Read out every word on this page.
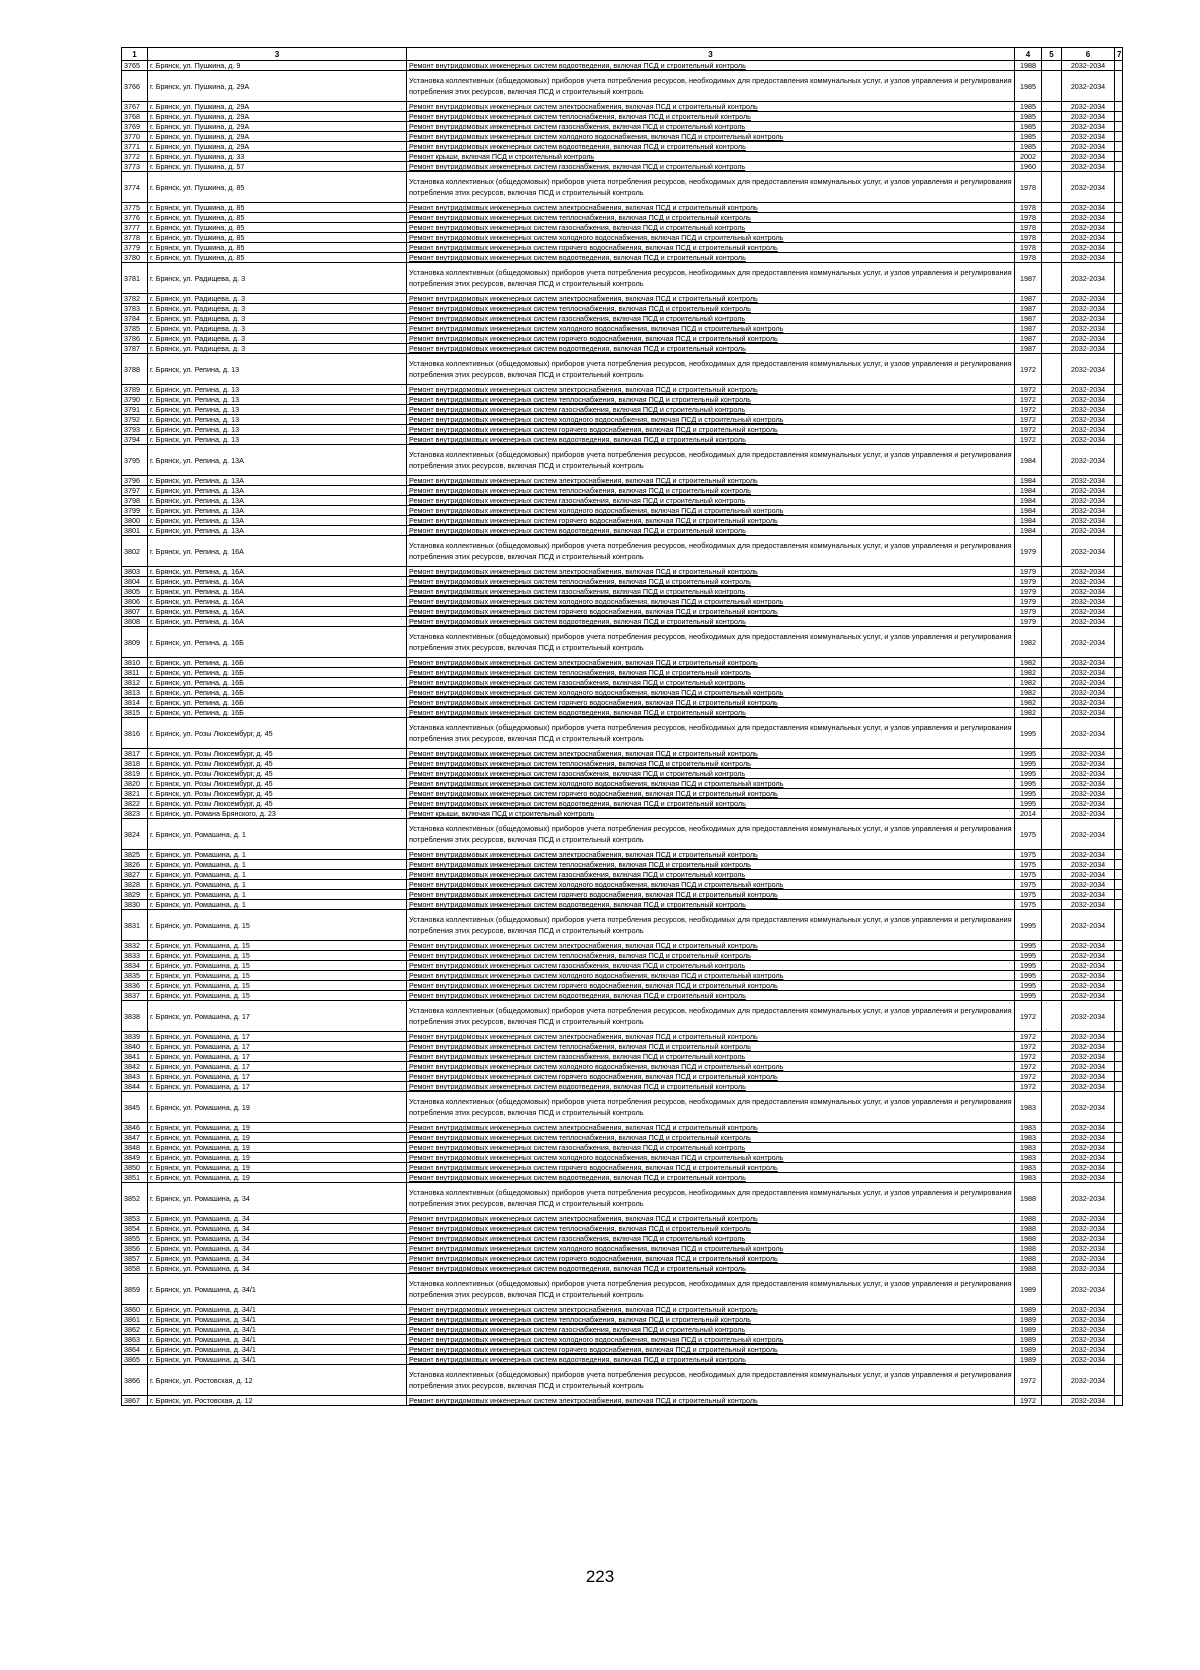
1	3	3	4	5	6	7
3765	г. Брянск, ул. Пушкина, д. 9	Ремонт внутридомовых инженерных систем водоотведения, включая ПСД и строительный контроль	1988		2032-2034	
3766	г. Брянск, ул. Пушкина, д. 29А	Установка коллективных (общедомовых) приборов учета потребления ресурсов, необходимых для предоставления коммунальных услуг, и узлов управления и регулирования потребления этих ресурсов, включая ПСД и строительный контроль	1985		2032-2034	
3767	г. Брянск, ул. Пушкина, д. 29А	Ремонт внутридомовых инженерных систем электроснабжения, включая ПСД и строительный контроль	1985		2032-2034	
3768	г. Брянск, ул. Пушкина, д. 29А	Ремонт внутридомовых инженерных систем теплоснабжения, включая ПСД и строительный контроль	1985		2032-2034	
3769	г. Брянск, ул. Пушкина, д. 29А	Ремонт внутридомовых инженерных систем газоснабжения, включая ПСД и строительный контроль	1985		2032-2034	
3770	г. Брянск, ул. Пушкина, д. 29А	Ремонт внутридомовых инженерных систем холодного водоснабжения, включая ПСД и строительный контроль	1985		2032-2034	
3771	г. Брянск, ул. Пушкина, д. 29А	Ремонт внутридомовых инженерных систем водоотведения, включая ПСД и строительный контроль	1985		2032-2034	
3772	г. Брянск, ул. Пушкина, д. 33	Ремонт крыши, включая ПСД и строительный контроль	2002		2032-2034	
3773	г. Брянск, ул. Пушкина, д. 57	Ремонт внутридомовых инженерных систем газоснабжения, включая ПСД и строительный контроль	1960		2032-2034	
3774	г. Брянск, ул. Пушкина, д. 85	Установка коллективных (общедомовых) приборов учета потребления ресурсов, необходимых для предоставления коммунальных услуг, и узлов управления и регулирования потребления этих ресурсов, включая ПСД и строительный контроль	1978		2032-2034	
3775	г. Брянск, ул. Пушкина, д. 85	Ремонт внутридомовых инженерных систем электроснабжения, включая ПСД и строительный контроль	1978		2032-2034	
3776	г. Брянск, ул. Пушкина, д. 85	Ремонт внутридомовых инженерных систем теплоснабжения, включая ПСД и строительный контроль	1978		2032-2034	
3777	г. Брянск, ул. Пушкина, д. 85	Ремонт внутридомовых инженерных систем газоснабжения, включая ПСД и строительный контроль	1978		2032-2034	
3778	г. Брянск, ул. Пушкина, д. 85	Ремонт внутридомовых инженерных систем холодного водоснабжения, включая ПСД и строительный контроль	1978		2032-2034	
3779	г. Брянск, ул. Пушкина, д. 85	Ремонт внутридомовых инженерных систем горячего водоснабжения, включая ПСД и строительный контроль	1978		2032-2034	
3780	г. Брянск, ул. Пушкина, д. 85	Ремонт внутридомовых инженерных систем водоотведения, включая ПСД и строительный контроль	1978		2032-2034	
3781	г. Брянск, ул. Радищева, д. 3	Установка коллективных (общедомовых) приборов учета потребления ресурсов, необходимых для предоставления коммунальных услуг, и узлов управления и регулирования потребления этих ресурсов, включая ПСД и строительный контроль	1987		2032-2034	
3782	г. Брянск, ул. Радищева, д. 3	Ремонт внутридомовых инженерных систем электроснабжения, включая ПСД и строительный контроль	1987		2032-2034	
3783	г. Брянск, ул. Радищева, д. 3	Ремонт внутридомовых инженерных систем теплоснабжения, включая ПСД и строительный контроль	1987		2032-2034	
3784	г. Брянск, ул. Радищева, д. 3	Ремонт внутридомовых инженерных систем газоснабжения, включая ПСД и строительный контроль	1987		2032-2034	
3785	г. Брянск, ул. Радищева, д. 3	Ремонт внутридомовых инженерных систем холодного водоснабжения, включая ПСД и строительный контроль	1987		2032-2034	
3786	г. Брянск, ул. Радищева, д. 3	Ремонт внутридомовых инженерных систем горячего водоснабжения, включая ПСД и строительный контроль	1987		2032-2034	
3787	г. Брянск, ул. Радищева, д. 3	Ремонт внутридомовых инженерных систем водоотведения, включая ПСД и строительный контроль	1987		2032-2034	
3788	г. Брянск, ул. Репина, д. 13	Установка коллективных (общедомовых) приборов учета потребления ресурсов, необходимых для предоставления коммунальных услуг, и узлов управления и регулирования потребления этих ресурсов, включая ПСД и строительный контроль	1972		2032-2034	
3789	г. Брянск, ул. Репина, д. 13	Ремонт внутридомовых инженерных систем электроснабжения, включая ПСД и строительный контроль	1972		2032-2034	
3790	г. Брянск, ул. Репина, д. 13	Ремонт внутридомовых инженерных систем теплоснабжения, включая ПСД и строительный контроль	1972		2032-2034	
3791	г. Брянск, ул. Репина, д. 13	Ремонт внутридомовых инженерных систем газоснабжения, включая ПСД и строительный контроль	1972		2032-2034	
3792	г. Брянск, ул. Репина, д. 13	Ремонт внутридомовых инженерных систем холодного водоснабжения, включая ПСД и строительный контроль	1972		2032-2034	
3793	г. Брянск, ул. Репина, д. 13	Ремонт внутридомовых инженерных систем горячего водоснабжения, включая ПСД и строительный контроль	1972		2032-2034	
3794	г. Брянск, ул. Репина, д. 13	Ремонт внутридомовых инженерных систем водоотведения, включая ПСД и строительный контроль	1972		2032-2034	
3795	г. Брянск, ул. Репина, д. 13А	Установка коллективных (общедомовых) приборов учета потребления ресурсов, необходимых для предоставления коммунальных услуг, и узлов управления и регулирования потребления этих ресурсов, включая ПСД и строительный контроль	1984		2032-2034	
3796	г. Брянск, ул. Репина, д. 13А	Ремонт внутридомовых инженерных систем электроснабжения, включая ПСД и строительный контроль	1984		2032-2034	
3797	г. Брянск, ул. Репина, д. 13А	Ремонт внутридомовых инженерных систем теплоснабжения, включая ПСД и строительный контроль	1984		2032-2034	
3798	г. Брянск, ул. Репина, д. 13А	Ремонт внутридомовых инженерных систем газоснабжения, включая ПСД и строительный контроль	1984		2032-2034	
3799	г. Брянск, ул. Репина, д. 13А	Ремонт внутридомовых инженерных систем холодного водоснабжения, включая ПСД и строительный контроль	1984		2032-2034	
3800	г. Брянск, ул. Репина, д. 13А	Ремонт внутридомовых инженерных систем горячего водоснабжения, включая ПСД и строительный контроль	1984		2032-2034	
3801	г. Брянск, ул. Репина, д. 13А	Ремонт внутридомовых инженерных систем водоотведения, включая ПСД и строительный контроль	1984		2032-2034	
3802	г. Брянск, ул. Репина, д. 16А	Установка коллективных (общедомовых) приборов учета потребления ресурсов, необходимых для предоставления коммунальных услуг, и узлов управления и регулирования потребления этих ресурсов, включая ПСД и строительный контроль	1979		2032-2034	
3803	г. Брянск, ул. Репина, д. 16А	Ремонт внутридомовых инженерных систем электроснабжения, включая ПСД и строительный контроль	1979		2032-2034	
3804	г. Брянск, ул. Репина, д. 16А	Ремонт внутридомовых инженерных систем теплоснабжения, включая ПСД и строительный контроль	1979		2032-2034	
3805	г. Брянск, ул. Репина, д. 16А	Ремонт внутридомовых инженерных систем газоснабжения, включая ПСД и строительный контроль	1979		2032-2034	
3806	г. Брянск, ул. Репина, д. 16А	Ремонт внутридомовых инженерных систем холодного водоснабжения, включая ПСД и строительный контроль	1979		2032-2034	
3807	г. Брянск, ул. Репина, д. 16А	Ремонт внутридомовых инженерных систем горячего водоснабжения, включая ПСД и строительный контроль	1979		2032-2034	
3808	г. Брянск, ул. Репина, д. 16А	Ремонт внутридомовых инженерных систем водоотведения, включая ПСД и строительный контроль	1979		2032-2034	
3809	г. Брянск, ул. Репина, д. 16Б	Установка коллективных (общедомовых) приборов учета потребления ресурсов, необходимых для предоставления коммунальных услуг, и узлов управления и регулирования потребления этих ресурсов, включая ПСД и строительный контроль	1982		2032-2034	
3810	г. Брянск, ул. Репина, д. 16Б	Ремонт внутридомовых инженерных систем электроснабжения, включая ПСД и строительный контроль	1982		2032-2034	
3811	г. Брянск, ул. Репина, д. 16Б	Ремонт внутридомовых инженерных систем теплоснабжения, включая ПСД и строительный контроль	1982		2032-2034	
3812	г. Брянск, ул. Репина, д. 16Б	Ремонт внутридомовых инженерных систем газоснабжения, включая ПСД и строительный контроль	1982		2032-2034	
3813	г. Брянск, ул. Репина, д. 16Б	Ремонт внутридомовых инженерных систем холодного водоснабжения, включая ПСД и строительный контроль	1982		2032-2034	
3814	г. Брянск, ул. Репина, д. 16Б	Ремонт внутридомовых инженерных систем горячего водоснабжения, включая ПСД и строительный контроль	1982		2032-2034	
3815	г. Брянск, ул. Репина, д. 16Б	Ремонт внутридомовых инженерных систем водоотведения, включая ПСД и строительный контроль	1982		2032-2034	
3816	г. Брянск, ул. Розы Люксембург, д. 45	Установка коллективных (общедомовых) приборов учета потребления ресурсов, необходимых для предоставления коммунальных услуг, и узлов управления и регулирования потребления этих ресурсов, включая ПСД и строительный контроль	1995		2032-2034	
3817	г. Брянск, ул. Розы Люксембург, д. 45	Ремонт внутридомовых инженерных систем электроснабжения, включая ПСД и строительный контроль	1995		2032-2034	
3818	г. Брянск, ул. Розы Люксембург, д. 45	Ремонт внутридомовых инженерных систем теплоснабжения, включая ПСД и строительный контроль	1995		2032-2034	
3819	г. Брянск, ул. Розы Люксембург, д. 45	Ремонт внутридомовых инженерных систем газоснабжения, включая ПСД и строительный контроль	1995		2032-2034	
3820	г. Брянск, ул. Розы Люксембург, д. 45	Ремонт внутридомовых инженерных систем холодного водоснабжения, включая ПСД и строительный контроль	1995		2032-2034	
3821	г. Брянск, ул. Розы Люксембург, д. 45	Ремонт внутридомовых инженерных систем горячего водоснабжения, включая ПСД и строительный контроль	1995		2032-2034	
3822	г. Брянск, ул. Розы Люксембург, д. 45	Ремонт внутридомовых инженерных систем водоотведения, включая ПСД и строительный контроль	1995		2032-2034	
3823	г. Брянск, ул. Романа Брянского, д. 23	Ремонт крыши, включая ПСД и строительный контроль	2014		2032-2034	
3824	г. Брянск, ул. Ромашина, д. 1	Установка коллективных (общедомовых) приборов учета потребления ресурсов, необходимых для предоставления коммунальных услуг, и узлов управления и регулирования потребления этих ресурсов, включая ПСД и строительный контроль	1975		2032-2034	
3825	г. Брянск, ул. Ромашина, д. 1	Ремонт внутридомовых инженерных систем электроснабжения, включая ПСД и строительный контроль	1975		2032-2034	
3826	г. Брянск, ул. Ромашина, д. 1	Ремонт внутридомовых инженерных систем теплоснабжения, включая ПСД и строительный контроль	1975		2032-2034	
3827	г. Брянск, ул. Ромашина, д. 1	Ремонт внутридомовых инженерных систем газоснабжения, включая ПСД и строительный контроль	1975		2032-2034	
3828	г. Брянск, ул. Ромашина, д. 1	Ремонт внутридомовых инженерных систем холодного водоснабжения, включая ПСД и строительный контроль	1975		2032-2034	
3829	г. Брянск, ул. Ромашина, д. 1	Ремонт внутридомовых инженерных систем горячего водоснабжения, включая ПСД и строительный контроль	1975		2032-2034	
3830	г. Брянск, ул. Ромашина, д. 1	Ремонт внутридомовых инженерных систем водоотведения, включая ПСД и строительный контроль	1975		2032-2034	
3831	г. Брянск, ул. Ромашина, д. 15	Установка коллективных (общедомовых) приборов учета потребления ресурсов, необходимых для предоставления коммунальных услуг, и узлов управления и регулирования потребления этих ресурсов, включая ПСД и строительный контроль	1995		2032-2034	
3832	г. Брянск, ул. Ромашина, д. 15	Ремонт внутридомовых инженерных систем электроснабжения, включая ПСД и строительный контроль	1995		2032-2034	
3833	г. Брянск, ул. Ромашина, д. 15	Ремонт внутридомовых инженерных систем теплоснабжения, включая ПСД и строительный контроль	1995		2032-2034	
3834	г. Брянск, ул. Ромашина, д. 15	Ремонт внутридомовых инженерных систем газоснабжения, включая ПСД и строительный контроль	1995		2032-2034	
3835	г. Брянск, ул. Ромашина, д. 15	Ремонт внутридомовых инженерных систем холодного водоснабжения, включая ПСД и строительный контроль	1995		2032-2034	
3836	г. Брянск, ул. Ромашина, д. 15	Ремонт внутридомовых инженерных систем горячего водоснабжения, включая ПСД и строительный контроль	1995		2032-2034	
3837	г. Брянск, ул. Ромашина, д. 15	Ремонт внутридомовых инженерных систем водоотведения, включая ПСД и строительный контроль	1995		2032-2034	
3838	г. Брянск, ул. Ромашина, д. 17	Установка коллективных (общедомовых) приборов учета потребления ресурсов, необходимых для предоставления коммунальных услуг, и узлов управления и регулирования потребления этих ресурсов, включая ПСД и строительный контроль	1972		2032-2034	
3839	г. Брянск, ул. Ромашина, д. 17	Ремонт внутридомовых инженерных систем электроснабжения, включая ПСД и строительный контроль	1972		2032-2034	
3840	г. Брянск, ул. Ромашина, д. 17	Ремонт внутридомовых инженерных систем теплоснабжения, включая ПСД и строительный контроль	1972		2032-2034	
3841	г. Брянск, ул. Ромашина, д. 17	Ремонт внутридомовых инженерных систем газоснабжения, включая ПСД и строительный контроль	1972		2032-2034	
3842	г. Брянск, ул. Ромашина, д. 17	Ремонт внутридомовых инженерных систем холодного водоснабжения, включая ПСД и строительный контроль	1972		2032-2034	
3843	г. Брянск, ул. Ромашина, д. 17	Ремонт внутридомовых инженерных систем горячего водоснабжения, включая ПСД и строительный контроль	1972		2032-2034	
3844	г. Брянск, ул. Ромашина, д. 17	Ремонт внутридомовых инженерных систем водоотведения, включая ПСД и строительный контроль	1972		2032-2034	
3845	г. Брянск, ул. Ромашина, д. 19	Установка коллективных (общедомовых) приборов учета потребления ресурсов, необходимых для предоставления коммунальных услуг, и узлов управления и регулирования потребления этих ресурсов, включая ПСД и строительный контроль	1983		2032-2034	
3846	г. Брянск, ул. Ромашина, д. 19	Ремонт внутридомовых инженерных систем электроснабжения, включая ПСД и строительный контроль	1983		2032-2034	
3847	г. Брянск, ул. Ромашина, д. 19	Ремонт внутридомовых инженерных систем теплоснабжения, включая ПСД и строительный контроль	1983		2032-2034	
3848	г. Брянск, ул. Ромашина, д. 19	Ремонт внутридомовых инженерных систем газоснабжения, включая ПСД и строительный контроль	1983		2032-2034	
3849	г. Брянск, ул. Ромашина, д. 19	Ремонт внутридомовых инженерных систем холодного водоснабжения, включая ПСД и строительный контроль	1983		2032-2034	
3850	г. Брянск, ул. Ромашина, д. 19	Ремонт внутридомовых инженерных систем горячего водоснабжения, включая ПСД и строительный контроль	1983		2032-2034	
3851	г. Брянск, ул. Ромашина, д. 19	Ремонт внутридомовых инженерных систем водоотведения, включая ПСД и строительный контроль	1983		2032-2034	
3852	г. Брянск, ул. Ромашина, д. 34	Установка коллективных (общедомовых) приборов учета потребления ресурсов, необходимых для предоставления коммунальных услуг, и узлов управления и регулирования потребления этих ресурсов, включая ПСД и строительный контроль	1988		2032-2034	
3853	г. Брянск, ул. Ромашина, д. 34	Ремонт внутридомовых инженерных систем электроснабжения, включая ПСД и строительный контроль	1988		2032-2034	
3854	г. Брянск, ул. Ромашина, д. 34	Ремонт внутридомовых инженерных систем теплоснабжения, включая ПСД и строительный контроль	1988		2032-2034	
3855	г. Брянск, ул. Ромашина, д. 34	Ремонт внутридомовых инженерных систем газоснабжения, включая ПСД и строительный контроль	1988		2032-2034	
3856	г. Брянск, ул. Ромашина, д. 34	Ремонт внутридомовых инженерных систем холодного водоснабжения, включая ПСД и строительный контроль	1988		2032-2034	
3857	г. Брянск, ул. Ромашина, д. 34	Ремонт внутридомовых инженерных систем горячего водоснабжения, включая ПСД и строительный контроль	1988		2032-2034	
3858	г. Брянск, ул. Ромашина, д. 34	Ремонт внутридомовых инженерных систем водоотведения, включая ПСД и строительный контроль	1988		2032-2034	
3859	г. Брянск, ул. Ромашина, д. 34/1	Установка коллективных (общедомовых) приборов учета потребления ресурсов, необходимых для предоставления коммунальных услуг, и узлов управления и регулирования потребления этих ресурсов, включая ПСД и строительный контроль	1989		2032-2034	
3860	г. Брянск, ул. Ромашина, д. 34/1	Ремонт внутридомовых инженерных систем электроснабжения, включая ПСД и строительный контроль	1989		2032-2034	
3861	г. Брянск, ул. Ромашина, д. 34/1	Ремонт внутридомовых инженерных систем теплоснабжения, включая ПСД и строительный контроль	1989		2032-2034	
3862	г. Брянск, ул. Ромашина, д. 34/1	Ремонт внутридомовых инженерных систем газоснабжения, включая ПСД и строительный контроль	1989		2032-2034	
3863	г. Брянск, ул. Ромашина, д. 34/1	Ремонт внутридомовых инженерных систем холодного водоснабжения, включая ПСД и строительный контроль	1989		2032-2034	
3864	г. Брянск, ул. Ромашина, д. 34/1	Ремонт внутридомовых инженерных систем горячего водоснабжения, включая ПСД и строительный контроль	1989		2032-2034	
3865	г. Брянск, ул. Ромашина, д. 34/1	Ремонт внутридомовых инженерных систем водоотведения, включая ПСД и строительный контроль	1989		2032-2034	
3866	г. Брянск, ул. Ростовская, д. 12	Установка коллективных (общедомовых) приборов учета потребления ресурсов, необходимых для предоставления коммунальных услуг, и узлов управления и регулирования потребления этих ресурсов, включая ПСД и строительный контроль	1972		2032-2034	
3867	г. Брянск, ул. Ростовская, д. 12	Ремонт внутридомовых инженерных систем электроснабжения, включая ПСД и строительный контроль	1972		2032-2034	
223
